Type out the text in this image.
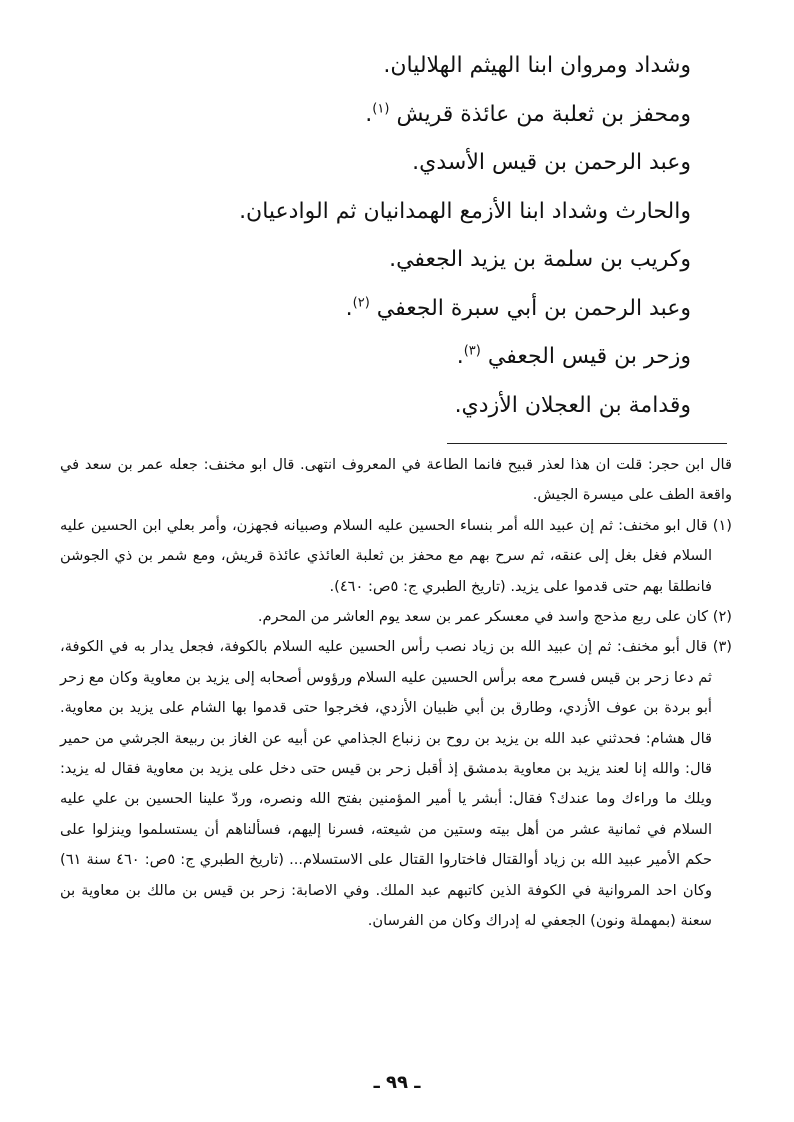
وشداد ومروان ابنا الهيثم الهلاليان.
ومحفز بن ثعلبة من عائذة قريش $^{(١)}$.
وعبد الرحمن بن قيس الأسدي.
والحارث وشداد ابنا الأزمع الهمدانيان ثم الوادعيان.
وكريب بن سلمة بن يزيد الجعفي.
وعبد الرحمن بن أبي سبرة الجعفي $^{(٢)}$.
وزحر بن قيس الجعفي $^{(٣)}$.
وقدامة بن العجلان الأزدي.

قال ابن حجر: قلت ان هذا لعذر قبيح فانما الطاعة في المعروف انتهى. قال ابو مخنف: جعله عمر بن سعد في واقعة الطف على ميسرة الجيش.

(١) قال ابو مخنف: ثم إن عبيد الله أمر بنساء الحسين عليه السلام وصبيانه فجهزن، وأمر بعلي ابن الحسين عليه السلام فغل بغل إلى عنقه، ثم سرح بهم مع محفز بن ثعلبة العائذي عائذة قريش، ومع شمر بن ذي الجوشن فانطلقا بهم حتى قدموا على يزيد. (تاريخ الطبري ج: ٥ص: ٤٦٠).

(٢) كان على ربع مذحج واسد في معسكر عمر بن سعد يوم العاشر من المحرم.

(٣) قال أبو مخنف: ثم إن عبيد الله بن زياد نصب رأس الحسين عليه السلام بالكوفة، فجعل يدار به في الكوفة، ثم دعا زحر بن قيس فسرح معه برأس الحسين عليه السلام ورؤوس أصحابه إلى يزيد بن معاوية وكان مع زحر أبو بردة بن عوف الأزدي، وطارق بن أبي ظبيان الأزدي، فخرجوا حتى قدموا بها الشام على يزيد بن معاوية. قال هشام: فحدثني عبد الله بن يزيد بن روح بن زنباع الجذامي عن أبيه عن الغاز بن ربيعة الجرشي من حمير قال: والله إنا لعند يزيد بن معاوية بدمشق إذ أقبل زحر بن قيس حتى دخل على يزيد بن معاوية فقال له يزيد: ويلك ما وراءك وما عندك؟ فقال: أبشر يا أمير المؤمنين بفتح الله ونصره، وردّ علينا الحسين بن علي عليه السلام في ثمانية عشر من أهل بيته وستين من شيعته، فسرنا إليهم، فسألناهم أن يستسلموا وينزلوا على حكم الأمير عبيد الله بن زياد أوالقتال فاختاروا القتال على الاستسلام... (تاريخ الطبري ج: ٥ص: ٤٦٠ سنة ٦١) وكان احد المروانية في الكوفة الذين كاتبهم عبد الملك. وفي الاصابة: زحر بن قيس بن مالك بن معاوية بن سعنة (بمهملة ونون) الجعفي له إدراك وكان من الفرسان.

ـ ٩٩ ـ
